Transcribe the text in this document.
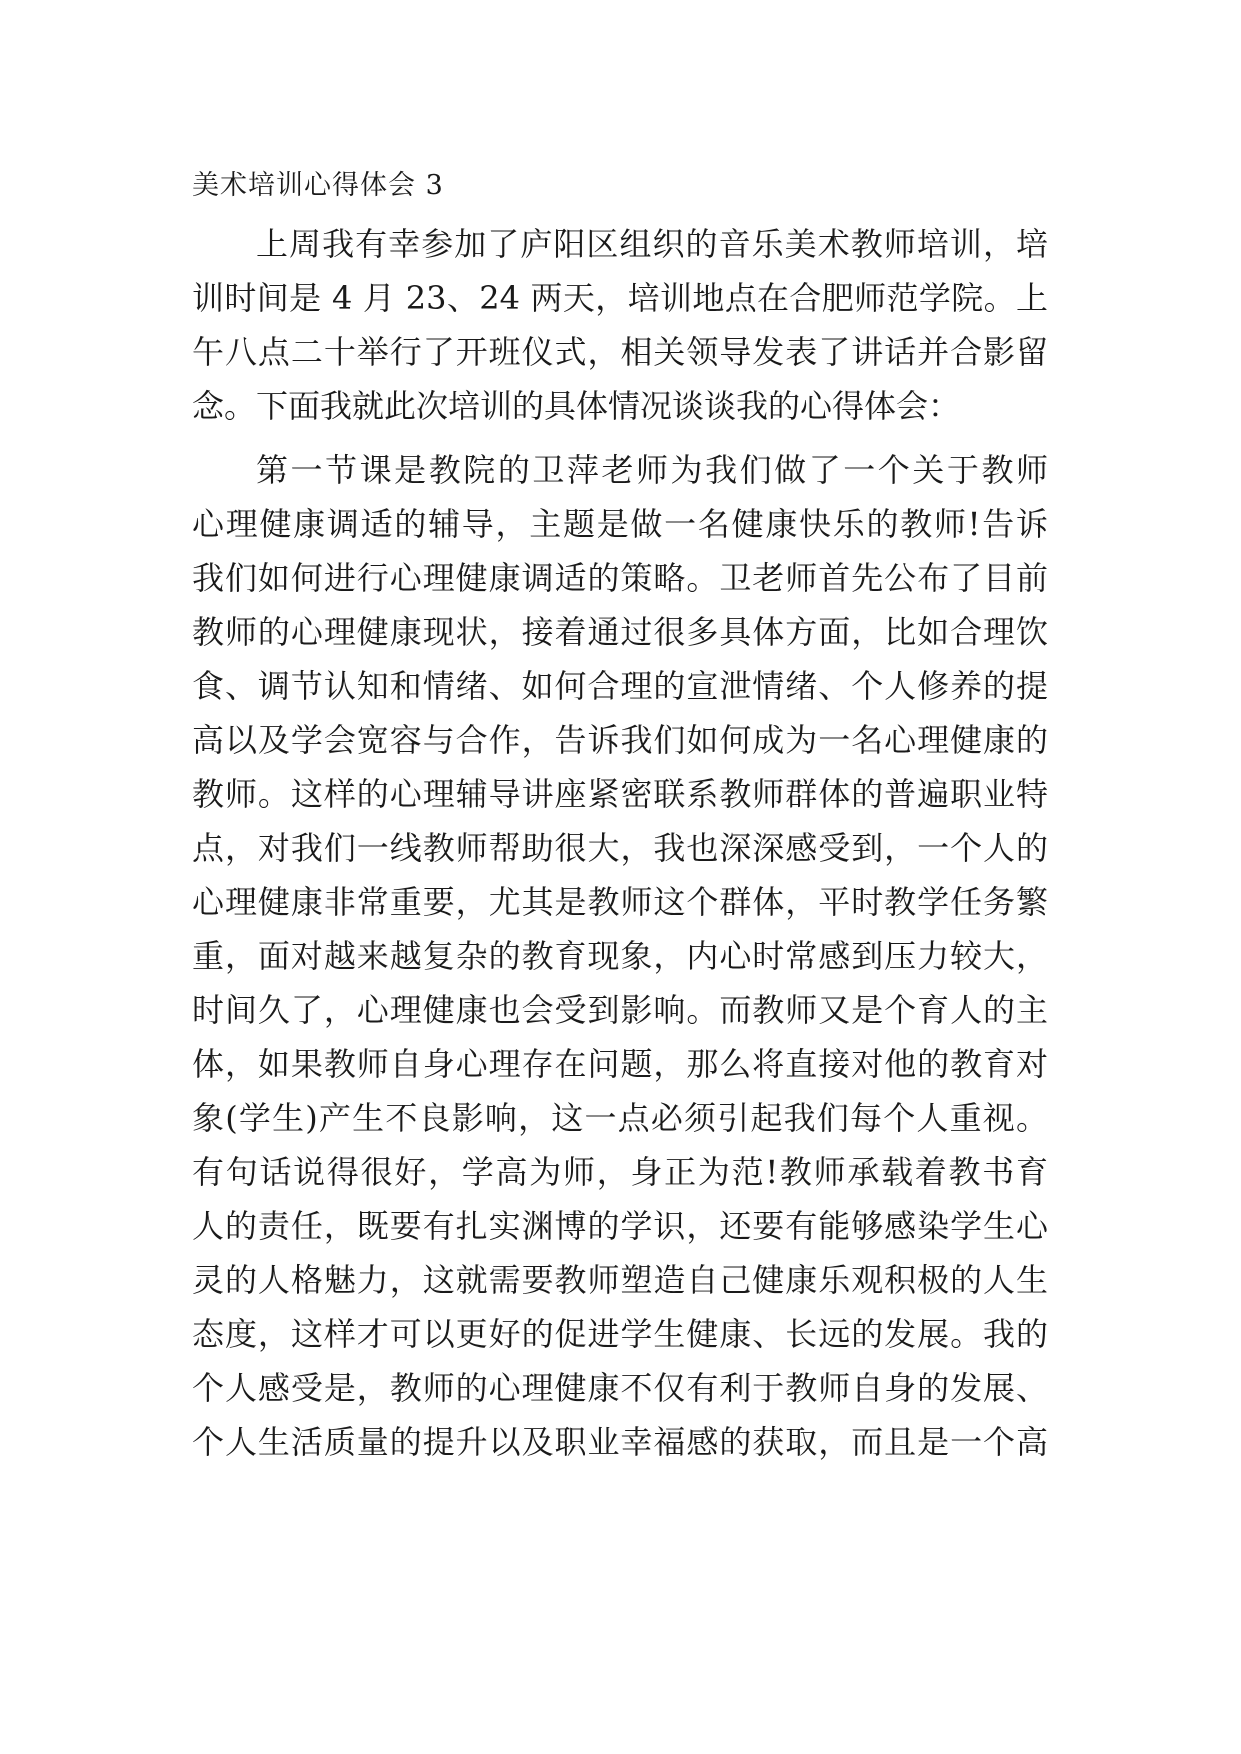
美术培训心得体会 3
上周我有幸参加了庐阳区组织的音乐美术教师培训，培
训时间是 4 月 23、24 两天，培训地点在合肥师范学院。上
午八点二十举行了开班仪式，相关领导发表了讲话并合影留
念。下面我就此次培训的具体情况谈谈我的心得体会：
第一节课是教院的卫萍老师为我们做了一个关于教师
心理健康调适的辅导，主题是做一名健康快乐的教师!告诉
我们如何进行心理健康调适的策略。卫老师首先公布了目前
教师的心理健康现状，接着通过很多具体方面，比如合理饮
食、调节认知和情绪、如何合理的宣泄情绪、个人修养的提
高以及学会宽容与合作，告诉我们如何成为一名心理健康的
教师。这样的心理辅导讲座紧密联系教师群体的普遍职业特
点，对我们一线教师帮助很大，我也深深感受到，一个人的
心理健康非常重要，尤其是教师这个群体，平时教学任务繁
重，面对越来越复杂的教育现象，内心时常感到压力较大，
时间久了，心理健康也会受到影响。而教师又是个育人的主
体，如果教师自身心理存在问题，那么将直接对他的教育对
象(学生)产生不良影响，这一点必须引起我们每个人重视。
有句话说得很好，学高为师，身正为范!教师承载着教书育
人的责任，既要有扎实渊博的学识，还要有能够感染学生心
灵的人格魅力，这就需要教师塑造自己健康乐观积极的人生
态度，这样才可以更好的促进学生健康、长远的发展。我的
个人感受是，教师的心理健康不仅有利于教师自身的发展、
个人生活质量的提升以及职业幸福感的获取，而且是一个高
